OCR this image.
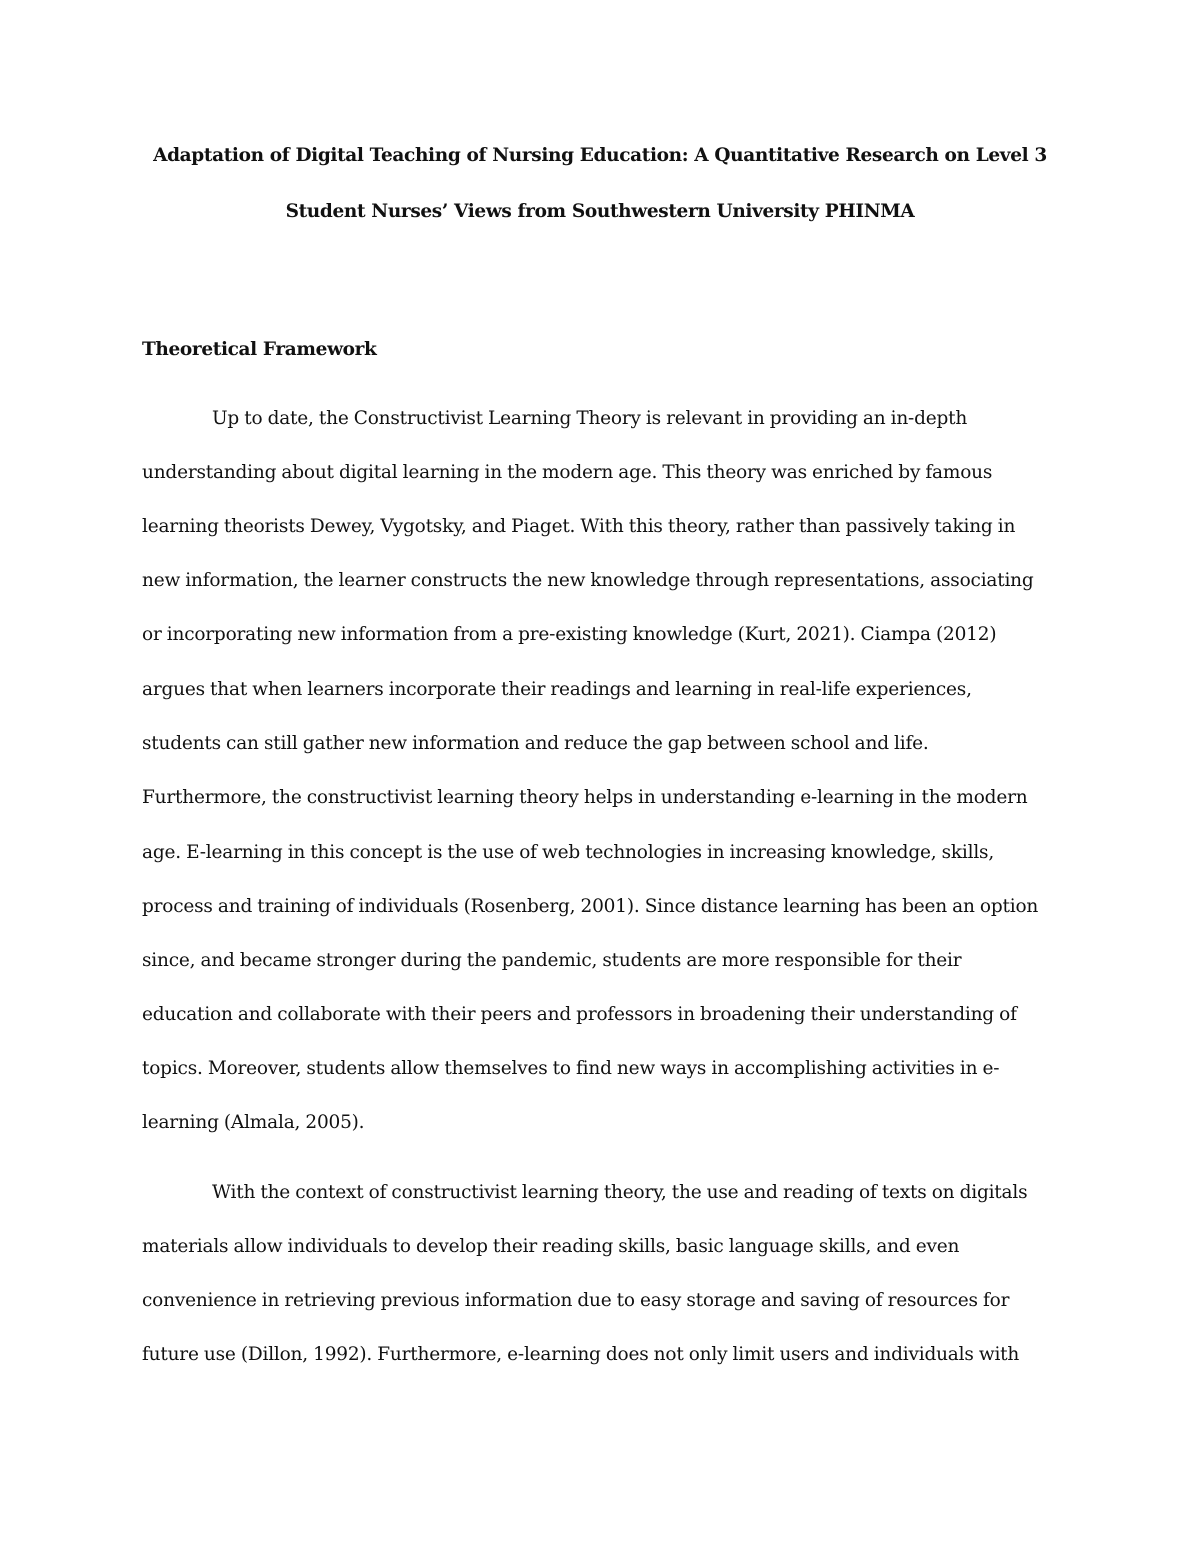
Adaptation of Digital Teaching of Nursing Education: A Quantitative Research on Level 3
Student Nurses’ Views from Southwestern University PHINMA
Theoretical Framework
Up to date, the Constructivist Learning Theory is relevant in providing an in-depth
understanding about digital learning in the modern age. This theory was enriched by famous
learning theorists Dewey, Vygotsky, and Piaget. With this theory, rather than passively taking in
new information, the learner constructs the new knowledge through representations, associating
or incorporating new information from a pre-existing knowledge (Kurt, 2021). Ciampa (2012)
argues that when learners incorporate their readings and learning in real-life experiences,
students can still gather new information and reduce the gap between school and life.
Furthermore, the constructivist learning theory helps in understanding e-learning in the modern
age. E-learning in this concept is the use of web technologies in increasing knowledge, skills,
process and training of individuals (Rosenberg, 2001). Since distance learning has been an option
since, and became stronger during the pandemic, students are more responsible for their
education and collaborate with their peers and professors in broadening their understanding of
topics. Moreover, students allow themselves to find new ways in accomplishing activities in e-
learning (Almala, 2005).
With the context of constructivist learning theory, the use and reading of texts on digitals
materials allow individuals to develop their reading skills, basic language skills, and even
convenience in retrieving previous information due to easy storage and saving of resources for
future use (Dillon, 1992). Furthermore, e-learning does not only limit users and individuals with
